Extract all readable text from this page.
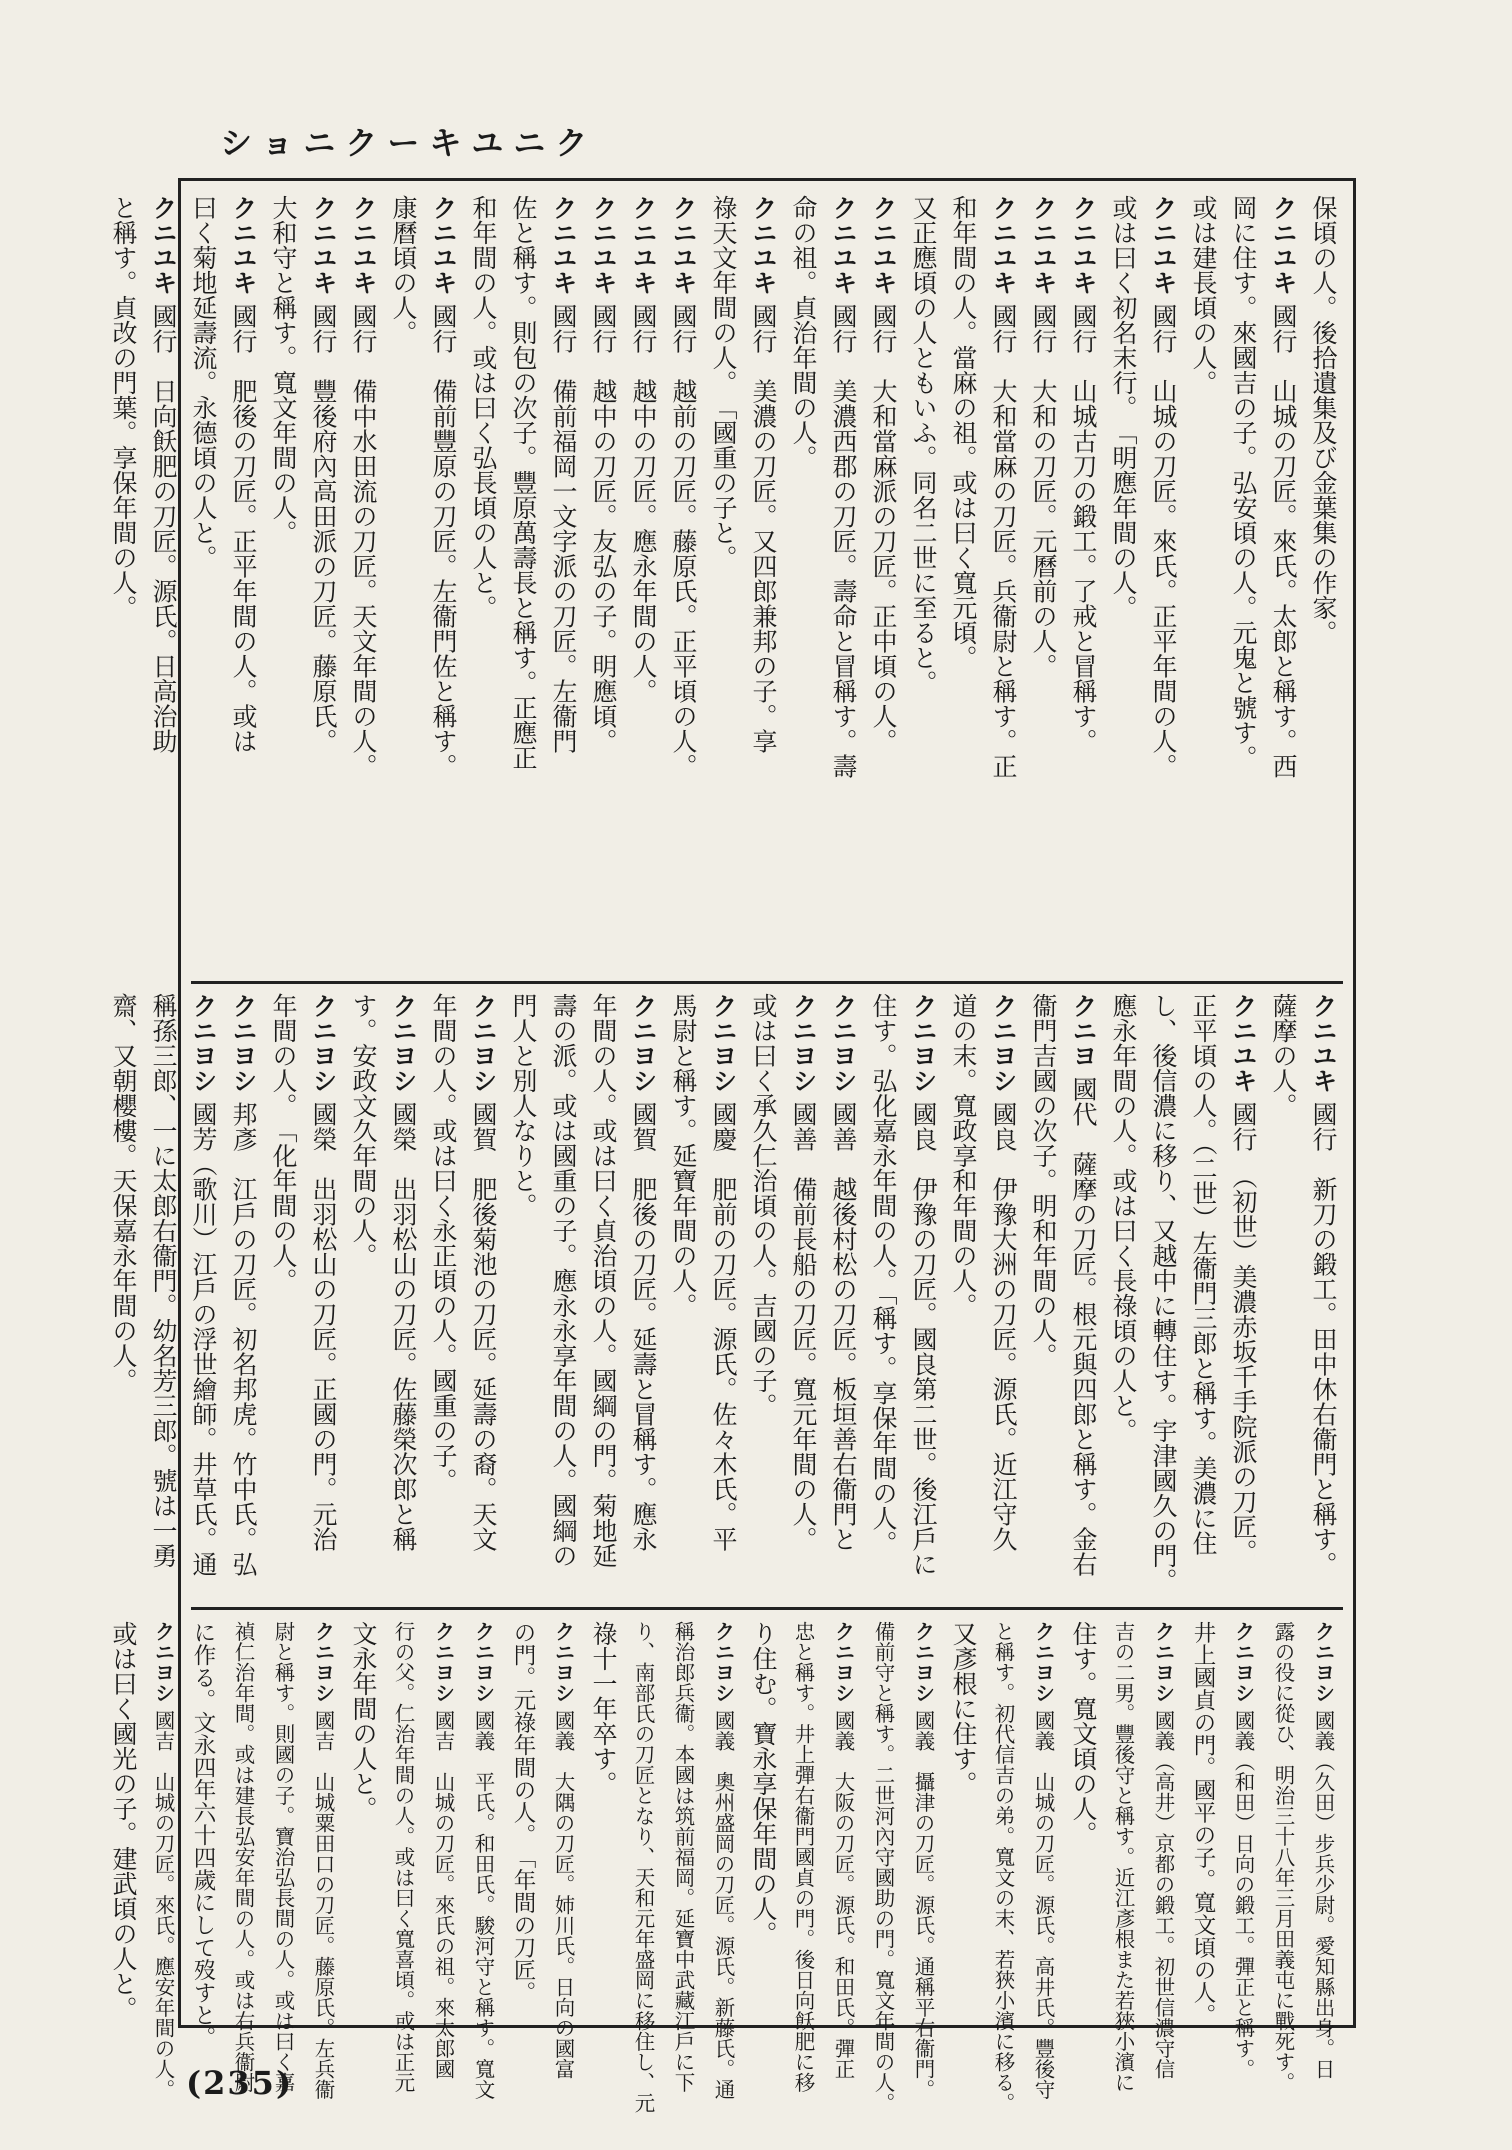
ショニクーキユニク
保頃の人。後拾遺集及び金葉集の作家。
クニユキ 國行　山城の刀匠。來氏。太郎と稱す。西
岡に住す。來國吉の子。弘安頃の人。元鬼と號す。
或は建長頃の人。
クニユキ 國行　山城の刀匠。來氏。正平年間の人。
或は曰く初名末行。　「明應年間の人。
クニユキ 國行　山城古刀の鍛工。了戒と冒稱す。
クニユキ 國行　大和の刀匠。元曆前の人。
クニユキ 國行　大和當麻の刀匠。兵衞尉と稱す。正
和年間の人。當麻の祖。或は曰く寬元頃。
又正應頃の人ともいふ。同名二世に至ると。
クニユキ 國行　大和當麻派の刀匠。正中頃の人。
クニユキ 國行　美濃西郡の刀匠。壽命と冒稱す。壽
命の祖。貞治年間の人。
クニユキ 國行　美濃の刀匠。又四郎兼邦の子。享
祿天文年間の人。　「國重の子と。
クニユキ 國行　越前の刀匠。藤原氏。正平頃の人。
クニユキ 國行　越中の刀匠。應永年間の人。
クニユキ 國行　越中の刀匠。友弘の子。明應頃。
クニユキ 國行　備前福岡一文字派の刀匠。左衞門
佐と稱す。則包の次子。豐原萬壽長と稱す。正應正
和年間の人。或は曰く弘長頃の人と。
クニユキ 國行　備前豐原の刀匠。左衞門佐と稱す。
康曆頃の人。
クニユキ 國行　備中水田流の刀匠。天文年間の人。
クニユキ 國行　豐後府內高田派の刀匠。藤原氏。
大和守と稱す。寬文年間の人。
クニユキ 國行　肥後の刀匠。正平年間の人。或は
曰く菊地延壽流。永德頃の人と。
クニユキ 國行　日向飫肥の刀匠。源氏。日高治助
と稱す。貞改の門葉。享保年間の人。
クニユキ 國行　新刀の鍛工。田中休右衞門と稱す。
薩摩の人。
クニユキ 國行　（初世）美濃赤坂千手院派の刀匠。
正平頃の人。（二世）左衞門三郎と稱す。美濃に住
し、後信濃に移り、又越中に轉住す。宇津國久の門。
應永年間の人。或は曰く長祿頃の人と。
クニヨ 國代　薩摩の刀匠。根元與四郎と稱す。金右
衞門吉國の次子。明和年間の人。
クニヨシ 國良　伊豫大洲の刀匠。源氏。近江守久
道の末。寬政享和年間の人。
クニヨシ 國良　伊豫の刀匠。國良第二世。後江戶に
住す。弘化嘉永年間の人。「稱す。享保年間の人。
クニヨシ 國善　越後村松の刀匠。板垣善右衞門と
クニヨシ 國善　備前長船の刀匠。寬元年間の人。
或は曰く承久仁治頃の人。吉國の子。
クニヨシ 國慶　肥前の刀匠。源氏。佐々木氏。平
馬尉と稱す。延寶年間の人。
クニヨシ 國賀　肥後の刀匠。延壽と冒稱す。應永
年間の人。或は曰く貞治頃の人。國綱の門。菊地延
壽の派。或は國重の子。應永永享年間の人。國綱の
門人と別人なりと。
クニヨシ 國賀　肥後菊池の刀匠。延壽の裔。天文
年間の人。或は曰く永正頃の人。國重の子。
クニヨシ 國榮　出羽松山の刀匠。佐藤榮次郎と稱
す。安政文久年間の人。
クニヨシ 國榮　出羽松山の刀匠。正國の門。元治
年間の人。　「化年間の人。
クニヨシ 邦彥　江戶の刀匠。初名邦虎。竹中氏。弘
クニヨシ 國芳（歌川）江戶の浮世繪師。井草氏。通
稱孫三郎、一に太郎右衞門。幼名芳三郎。號は一勇
齋、又朝櫻樓。天保嘉永年間の人。
クニヨシ 國義（久田）步兵少尉。愛知縣出身。日
露の役に從ひ、明治三十八年三月田義屯に戰死す。
クニヨシ 國義（和田）日向の鍛工。彈正と稱す。
井上國貞の門。國平の子。寬文頃の人。
クニヨシ 國義（高井）京都の鍛工。初世信濃守信
吉の二男。豐後守と稱す。近江彥根また若狹小濱に
住す。寬文頃の人。
クニヨシ 國義　山城の刀匠。源氏。高井氏。豐後守
と稱す。初代信吉の弟。寬文の末、若狹小濱に移る。
又彥根に住す。
クニヨシ 國義　攝津の刀匠。源氏。通稱平右衞門。
備前守と稱す。二世河內守國助の門。寬文年間の人。
クニヨシ 國義　大阪の刀匠。源氏。和田氏。彈正
忠と稱す。井上彈右衞門國貞の門。後日向飫肥に移
り住む。寶永享保年間の人。
クニヨシ 國義　奧州盛岡の刀匠。源氏。新藤氏。通
稱治郎兵衞。本國は筑前福岡。延寶中武藏江戶に下
り、南部氏の刀匠となり、天和元年盛岡に移住し、元
祿十一年卒す。
クニヨシ 國義　大隅の刀匠。姉川氏。日向の國富
の門。元祿年間の人。　「年間の刀匠。
クニヨシ 國義　平氏。和田氏。駿河守と稱す。寬文
クニヨシ 國吉　山城の刀匠。來氏の祖。來太郎國
行の父。仁治年間の人。或は曰く寬喜頃。或は正元
文永年間の人と。
クニヨシ 國吉　山城粟田口の刀匠。藤原氏。左兵衞
尉と稱す。則國の子。寶治弘長間の人。或は曰く嘉
禎仁治年間。或は建長弘安年間の人。或は右兵衞尉
に作る。文永四年六十四歲にして歿すと。
クニヨシ 國吉　山城の刀匠。來氏。應安年間の人。
或は曰く國光の子。建武頃の人と。
(235)
